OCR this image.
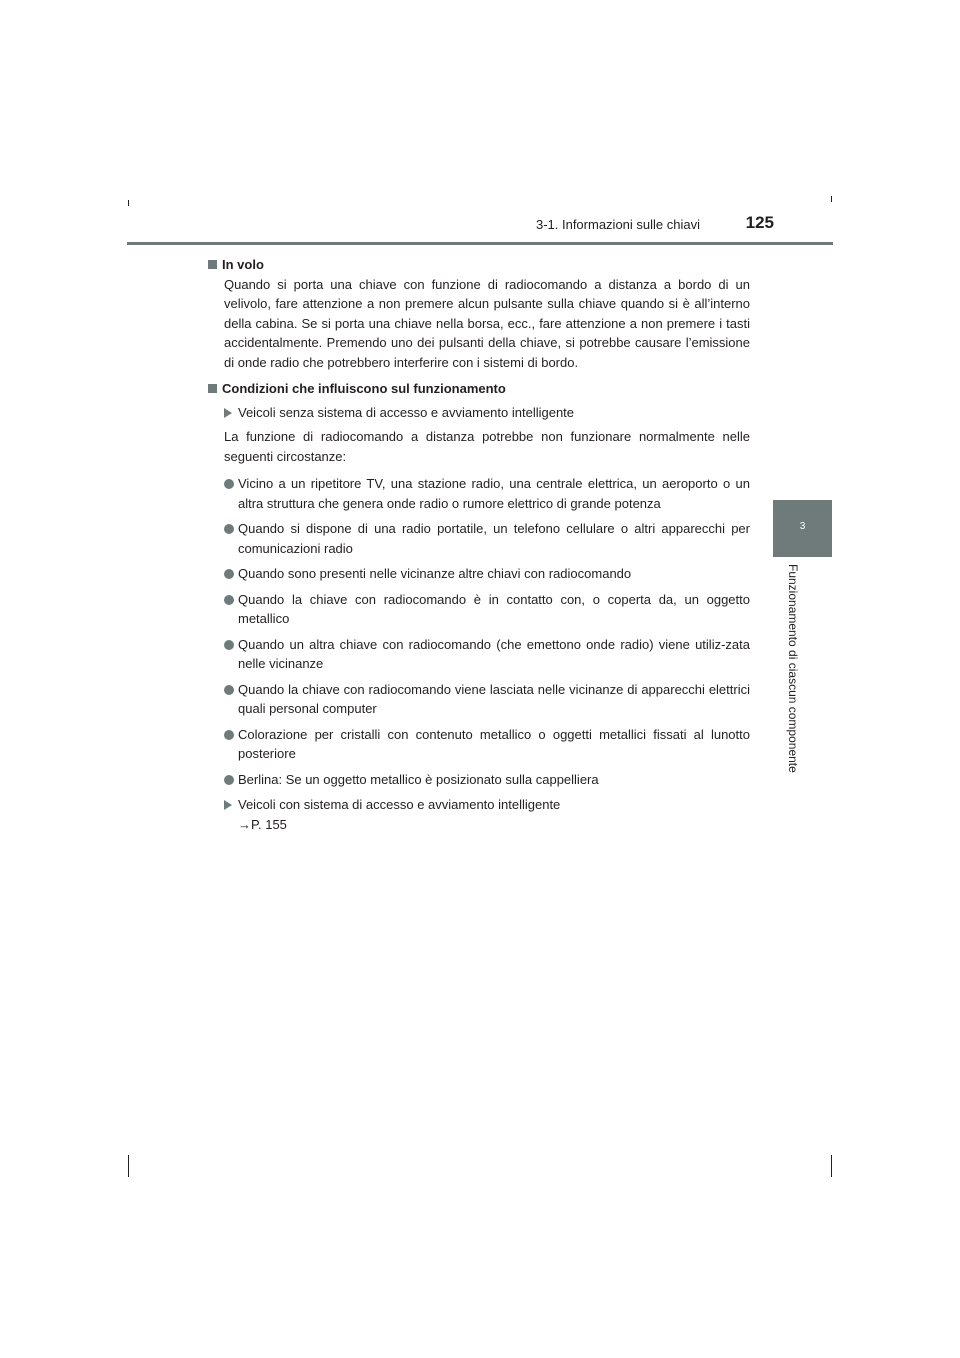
3-1. Informazioni sulle chiavi	125
3
Funzionamento di ciascun componente
In volo
Quando si porta una chiave con funzione di radiocomando a distanza a bordo di un velivolo, fare attenzione a non premere alcun pulsante sulla chiave quando si è all’interno della cabina. Se si porta una chiave nella borsa, ecc., fare attenzione a non premere i tasti accidentalmente. Premendo uno dei pulsanti della chiave, si potrebbe causare l’emissione di onde radio che potrebbero interferire con i sistemi di bordo.
Condizioni che influiscono sul funzionamento
Veicoli senza sistema di accesso e avviamento intelligente
La funzione di radiocomando a distanza potrebbe non funzionare normalmente nelle seguenti circostanze:
Vicino a un ripetitore TV, una stazione radio, una centrale elettrica, un aeroporto o un altra struttura che genera onde radio o rumore elettrico di grande potenza
Quando si dispone di una radio portatile, un telefono cellulare o altri apparecchi per comunicazioni radio
Quando sono presenti nelle vicinanze altre chiavi con radiocomando
Quando la chiave con radiocomando è in contatto con, o coperta da, un oggetto metallico
Quando un altra chiave con radiocomando (che emettono onde radio) viene utiliz-zata nelle vicinanze
Quando la chiave con radiocomando viene lasciata nelle vicinanze di apparecchi elettrici quali personal computer
Colorazione per cristalli con contenuto metallico o oggetti metallici fissati al lunotto posteriore
Berlina: Se un oggetto metallico è posizionato sulla cappelliera
Veicoli con sistema di accesso e avviamento intelligente
→P. 155
